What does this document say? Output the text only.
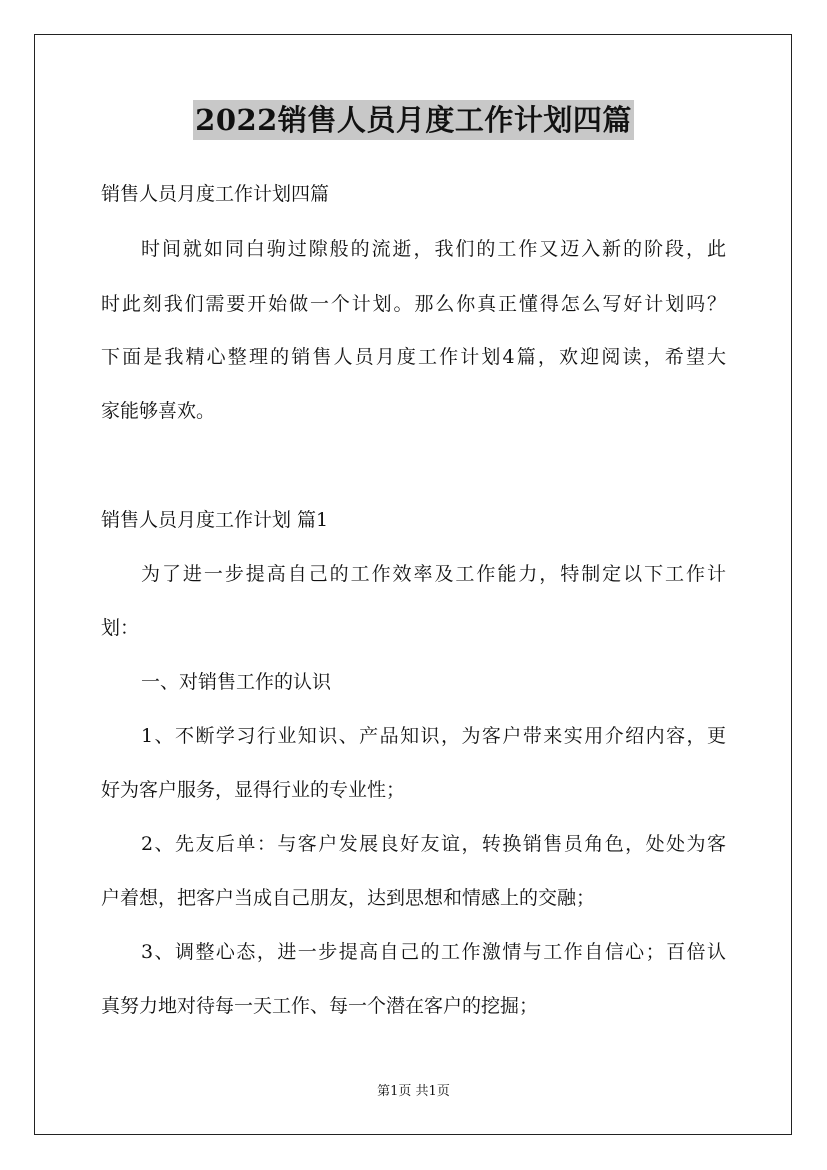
2022销售人员月度工作计划四篇
销售人员月度工作计划四篇
时间就如同白驹过隙般的流逝，我们的工作又迈入新的阶段，此
时此刻我们需要开始做一个计划。那么你真正懂得怎么写好计划吗？
下面是我精心整理的销售人员月度工作计划4篇，欢迎阅读，希望大
家能够喜欢。
销售人员月度工作计划 篇1
为了进一步提高自己的工作效率及工作能力，特制定以下工作计
划：
一、对销售工作的认识
1、不断学习行业知识、产品知识，为客户带来实用介绍内容，更
好为客户服务，显得行业的专业性；
2、先友后单：与客户发展良好友谊，转换销售员角色，处处为客
户着想，把客户当成自己朋友，达到思想和情感上的交融；
3、调整心态，进一步提高自己的工作激情与工作自信心；百倍认
真努力地对待每一天工作、每一个潜在客户的挖掘；
第1页 共1页
